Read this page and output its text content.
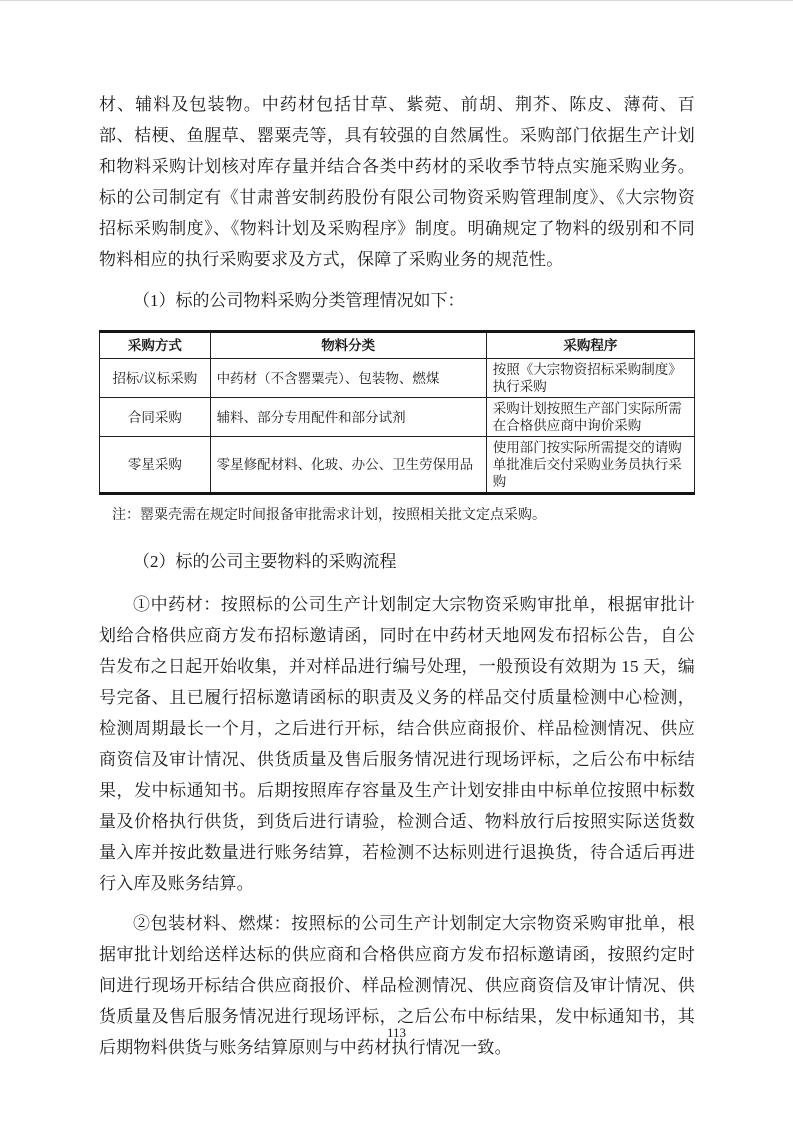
材、辅料及包装物。中药材包括甘草、紫菀、前胡、荆芥、陈皮、薄荷、百部、桔梗、鱼腥草、罂粟壳等，具有较强的自然属性。采购部门依据生产计划和物料采购计划核对库存量并结合各类中药材的采收季节特点实施采购业务。标的公司制定有《甘肃普安制药股份有限公司物资采购管理制度》、《大宗物资招标采购制度》、《物料计划及采购程序》制度。明确规定了物料的级别和不同物料相应的执行采购要求及方式，保障了采购业务的规范性。

（1）标的公司物料采购分类管理情况如下：

采购方式	物料分类	采购程序
招标/议标采购	中药材（不含罂粟壳）、包装物、燃煤	按照《大宗物资招标采购制度》执行采购
合同采购	辅料、部分专用配件和部分试剂	采购计划按照生产部门实际所需在合格供应商中询价采购
零星采购	零星修配材料、化玻、办公、卫生劳保用品	使用部门按实际所需提交的请购单批准后交付采购业务员执行采购

注：罂粟壳需在规定时间报备审批需求计划，按照相关批文定点采购。

（2）标的公司主要物料的采购流程

①中药材：按照标的公司生产计划制定大宗物资采购审批单，根据审批计划给合格供应商方发布招标邀请函，同时在中药材天地网发布招标公告，自公告发布之日起开始收集，并对样品进行编号处理，一般预设有效期为 15 天，编号完备、且已履行招标邀请函标的职责及义务的样品交付质量检测中心检测，检测周期最长一个月，之后进行开标，结合供应商报价、样品检测情况、供应商资信及审计情况、供货质量及售后服务情况进行现场评标，之后公布中标结果，发中标通知书。后期按照库存容量及生产计划安排由中标单位按照中标数量及价格执行供货，到货后进行请验，检测合适、物料放行后按照实际送货数量入库并按此数量进行账务结算，若检测不达标则进行退换货，待合适后再进行入库及账务结算。

②包装材料、燃煤：按照标的公司生产计划制定大宗物资采购审批单，根据审批计划给送样达标的供应商和合格供应商方发布招标邀请函，按照约定时间进行现场开标结合供应商报价、样品检测情况、供应商资信及审计情况、供货质量及售后服务情况进行现场评标，之后公布中标结果，发中标通知书，其后期物料供货与账务结算原则与中药材执行情况一致。

113
